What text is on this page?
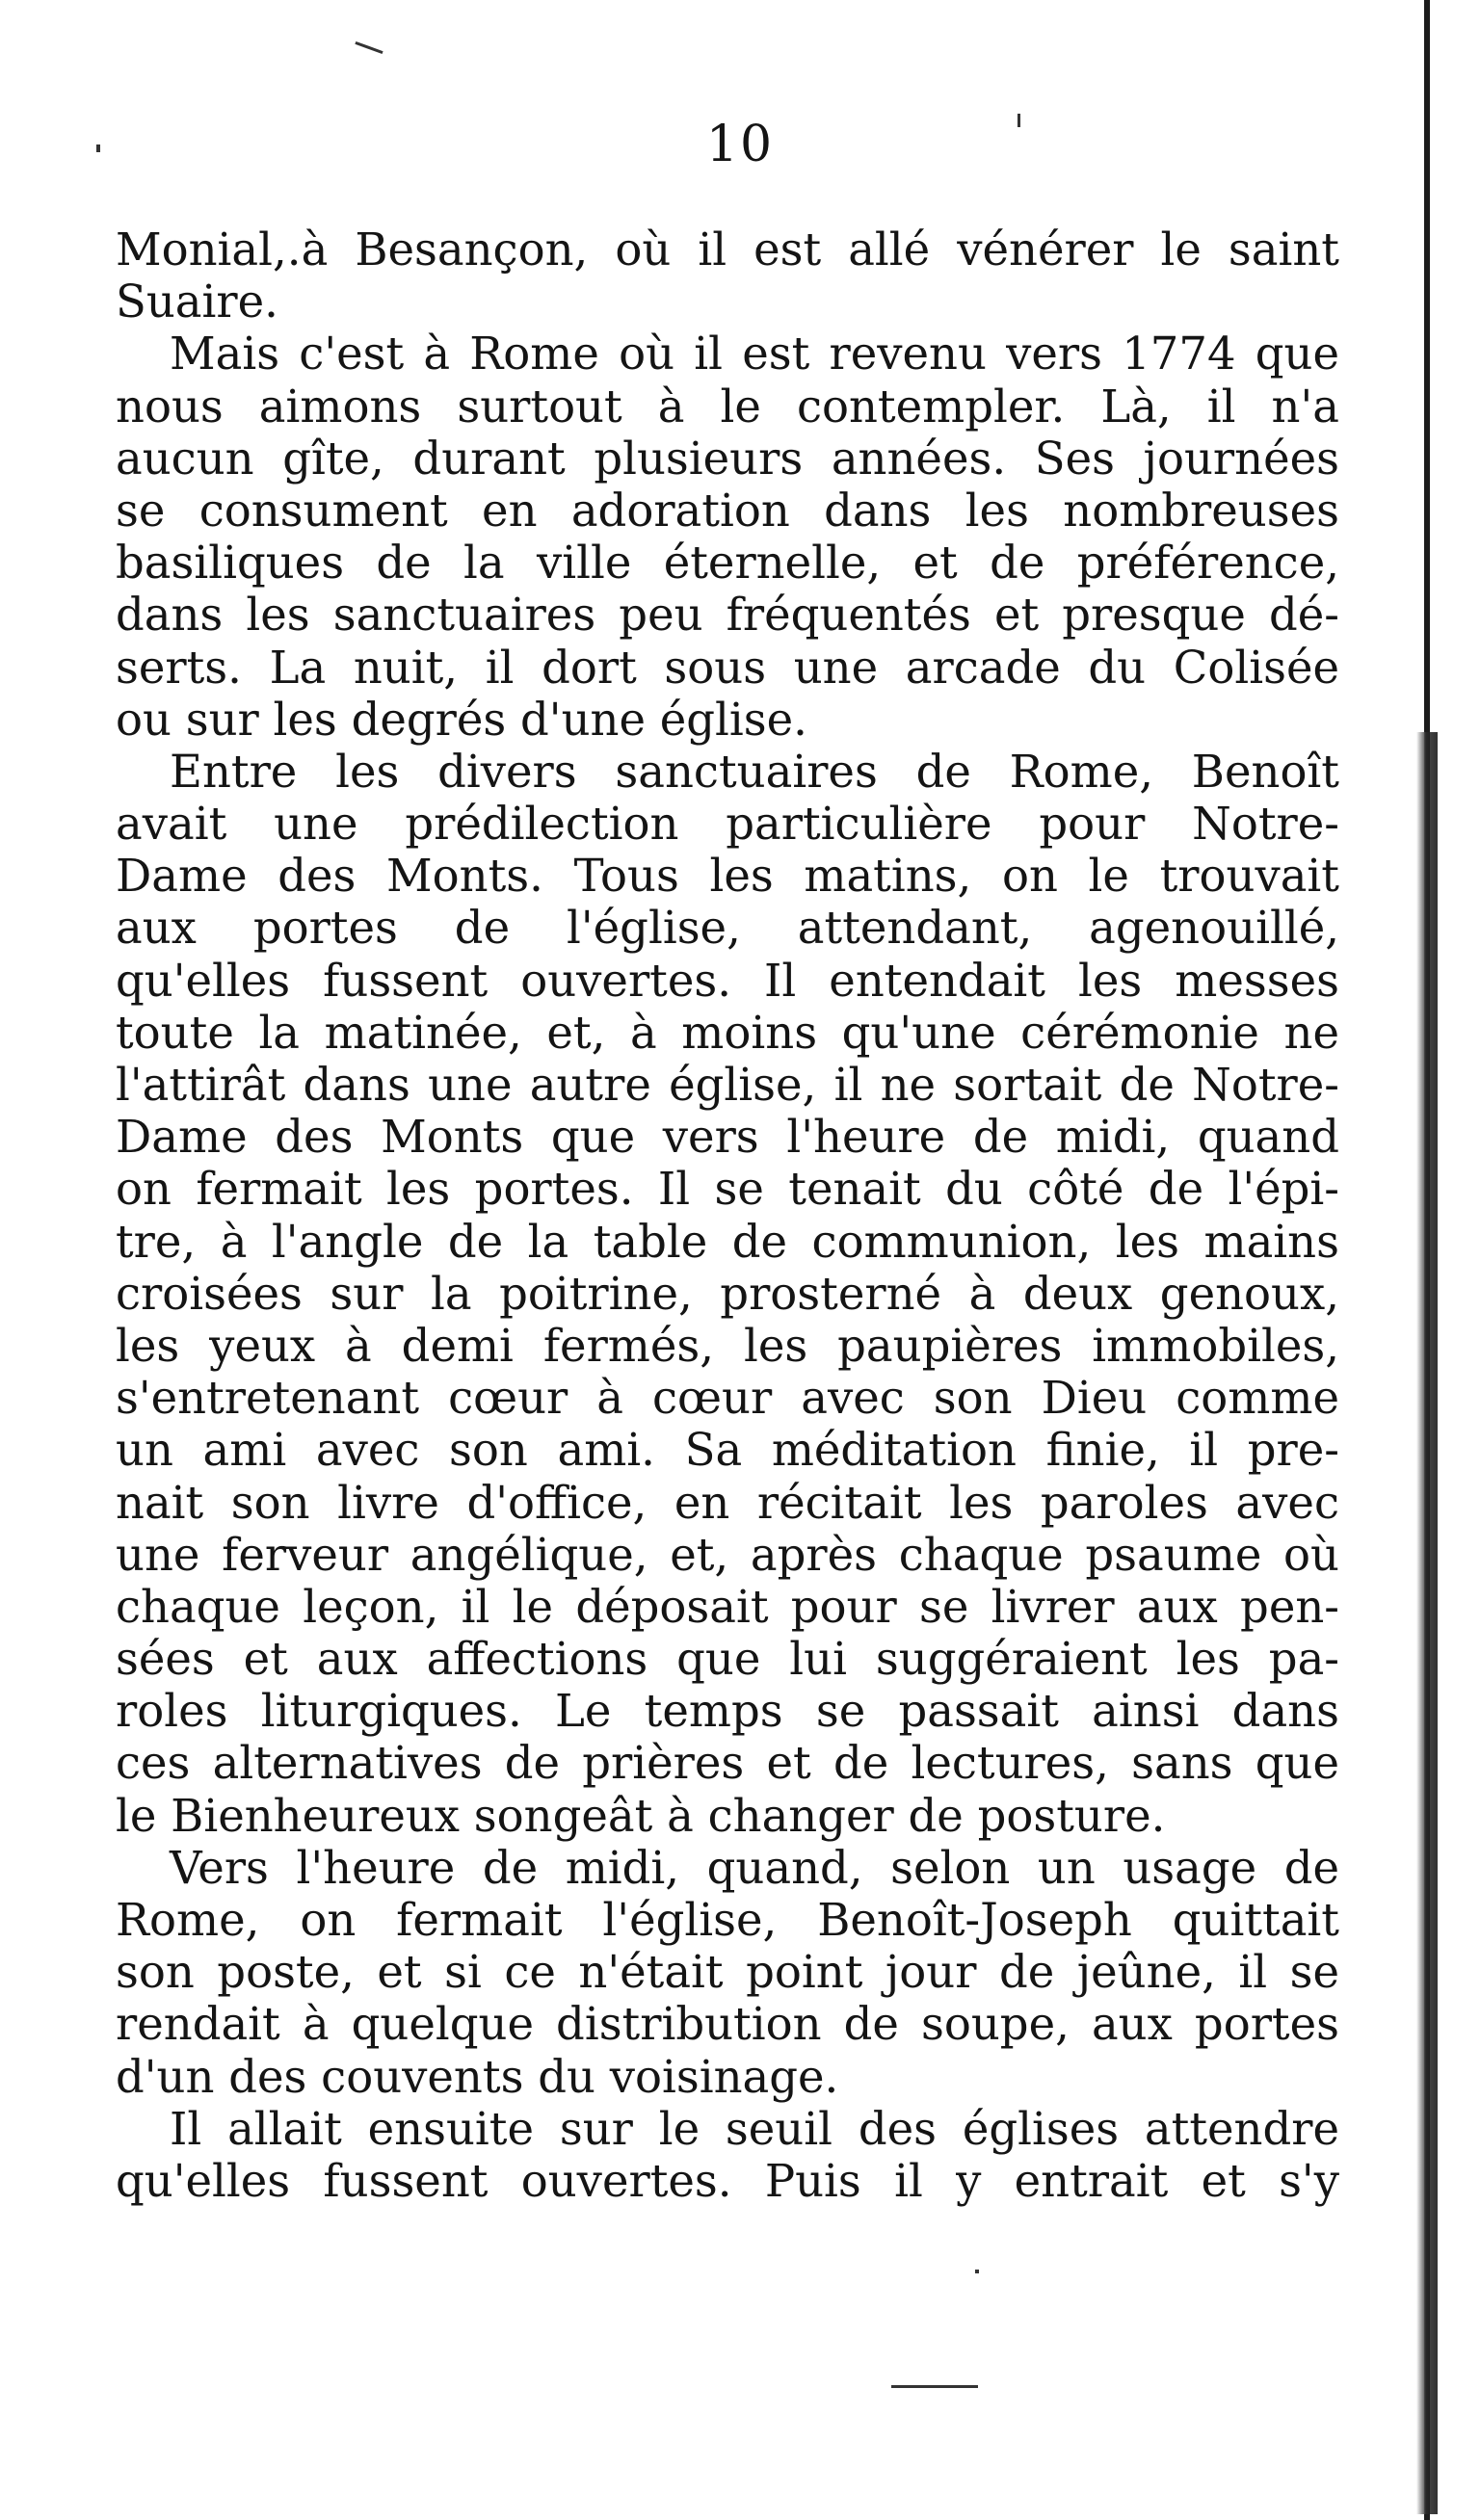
10
Monial,.à Besançon, où il est allé vénérer le saint
Suaire.
Mais c'est à Rome où il est revenu vers 1774 que
nous aimons surtout à le contempler. Là, il n'a
aucun gîte, durant plusieurs années. Ses journées
se consument en adoration dans les nombreuses
basiliques de la ville éternelle, et de préférence,
dans les sanctuaires peu fréquentés et presque dé-
serts. La nuit, il dort sous une arcade du Colisée
ou sur les degrés d'une église.
Entre les divers sanctuaires de Rome, Benoît
avait une prédilection particulière pour Notre-
Dame des Monts. Tous les matins, on le trouvait
aux portes de l'église, attendant, agenouillé,
qu'elles fussent ouvertes. Il entendait les messes
toute la matinée, et, à moins qu'une cérémonie ne
l'attirât dans une autre église, il ne sortait de Notre-
Dame des Monts que vers l'heure de midi, quand
on fermait les portes. Il se tenait du côté de l'épi-
tre, à l'angle de la table de communion, les mains
croisées sur la poitrine, prosterné à deux genoux,
les yeux à demi fermés, les paupières immobiles,
s'entretenant cœur à cœur avec son Dieu comme
un ami avec son ami. Sa méditation finie, il pre-
nait son livre d'office, en récitait les paroles avec
une ferveur angélique, et, après chaque psaume où
chaque leçon, il le déposait pour se livrer aux pen-
sées et aux affections que lui suggéraient les pa-
roles liturgiques. Le temps se passait ainsi dans
ces alternatives de prières et de lectures, sans que
le Bienheureux songeât à changer de posture.
Vers l'heure de midi, quand, selon un usage de
Rome, on fermait l'église, Benoît-Joseph quittait
son poste, et si ce n'était point jour de jeûne, il se
rendait à quelque distribution de soupe, aux portes
d'un des couvents du voisinage.
Il allait ensuite sur le seuil des églises attendre
qu'elles fussent ouvertes. Puis il y entrait et s'y
